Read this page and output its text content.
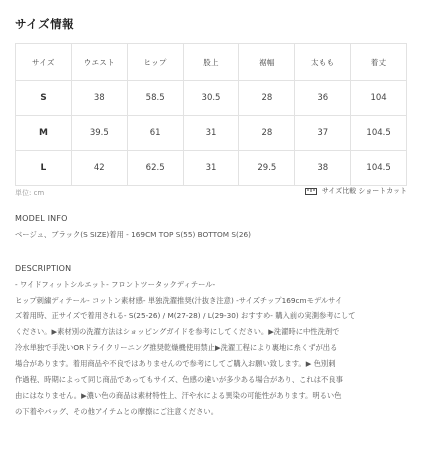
サイズ情報
サイズ	ウエスト	ヒップ	股上	裾幅	太もも	着丈
S	38	58.5	30.5	28	36	104
M	39.5	61	31	28	37	104.5
L	42	62.5	31	29.5	38	104.5
単位: cm	サイズ比較 ショートカット
MODEL INFO
ベージュ、ブラック(S SIZE)着用 - 169CM TOP S(55) BOTTOM S(26)
DESCRIPTION
- ワイドフィットシルエット- フロントツータックディテール-
ヒップ刺繍ディテール- コットン素材感- 単独洗濯推奨(汁抜き注意) -サイズチップ169cmモデルサイ
ズ着用時、正サイズで着用される- S(25-26) / M(27-28) / L(29-30) おすすめ- 購入前の実測参考にして
ください。▶素材別の洗濯方法はショッピングガイドを参考にしてください。▶洗濯時に中性洗剤で
冷水単独で手洗いORドライクリーニング推奨乾燥機使用禁止▶洗濯工程により裏地に糸くずが出る
場合があります。着用商品や不良ではありませんので参考にしてご購入お願い致します。▶ 色別刺
作過程、時期によって同じ商品であってもサイズ、色感の違いが多少ある場合があり、これは不良事
由にはなりません。▶濃い色の商品は素材特性上、汗や水による異染の可能性があります。明るい色
の下着やバッグ、その他アイテムとの摩擦にご注意ください。
